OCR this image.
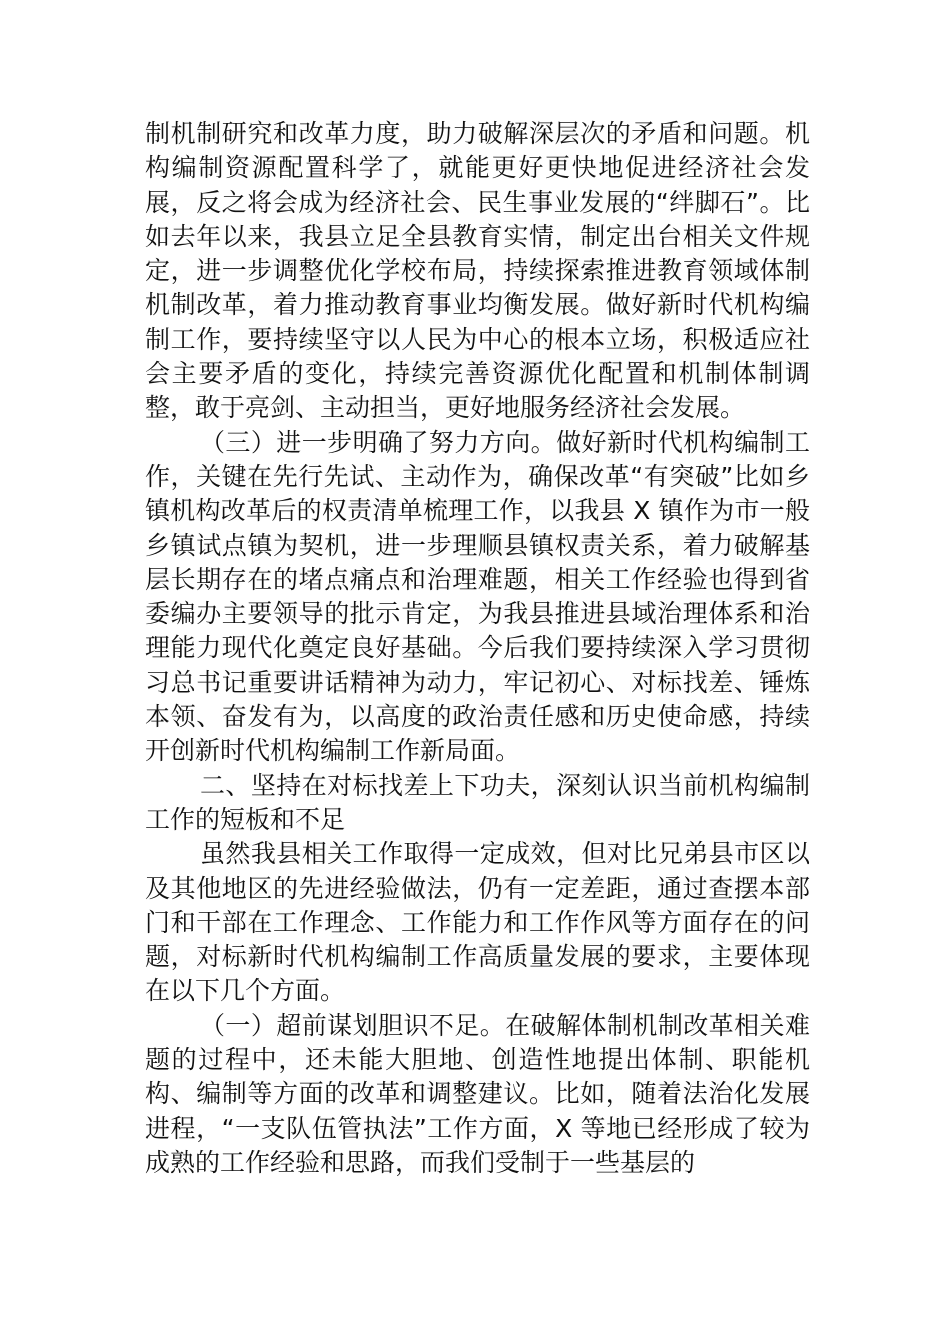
制机制研究和改革力度，助力破解深层次的矛盾和问题。机构编制资源配置科学了，就能更好更快地促进经济社会发展，反之将会成为经济社会、民生事业发展的“绊脚石”。比如去年以来，我县立足全县教育实情，制定出台相关文件规定，进一步调整优化学校布局，持续探索推进教育领域体制机制改革，着力推动教育事业均衡发展。做好新时代机构编制工作，要持续坚守以人民为中心的根本立场，积极适应社会主要矛盾的变化，持续完善资源优化配置和机制体制调整，敢于亮剑、主动担当，更好地服务经济社会发展。

（三）进一步明确了努力方向。做好新时代机构编制工作，关键在先行先试、主动作为，确保改革“有突破”比如乡镇机构改革后的权责清单梳理工作，以我县 X 镇作为市一般乡镇试点镇为契机，进一步理顺县镇权责关系，着力破解基层长期存在的堵点痛点和治理难题，相关工作经验也得到省委编办主要领导的批示肯定，为我县推进县域治理体系和治理能力现代化奠定良好基础。今后我们要持续深入学习贯彻习总书记重要讲话精神为动力，牢记初心、对标找差、锤炼本领、奋发有为，以高度的政治责任感和历史使命感，持续开创新时代机构编制工作新局面。

二、坚持在对标找差上下功夫，深刻认识当前机构编制工作的短板和不足

虽然我县相关工作取得一定成效，但对比兄弟县市区以及其他地区的先进经验做法，仍有一定差距，通过查摆本部门和干部在工作理念、工作能力和工作作风等方面存在的问题，对标新时代机构编制工作高质量发展的要求，主要体现在以下几个方面。

（一）超前谋划胆识不足。在破解体制机制改革相关难题的过程中，还未能大胆地、创造性地提出体制、职能机构、编制等方面的改革和调整建议。比如，随着法治化发展进程，“一支队伍管执法”工作方面，X 等地已经形成了较为成熟的工作经验和思路，而我们受制于一些基层的
